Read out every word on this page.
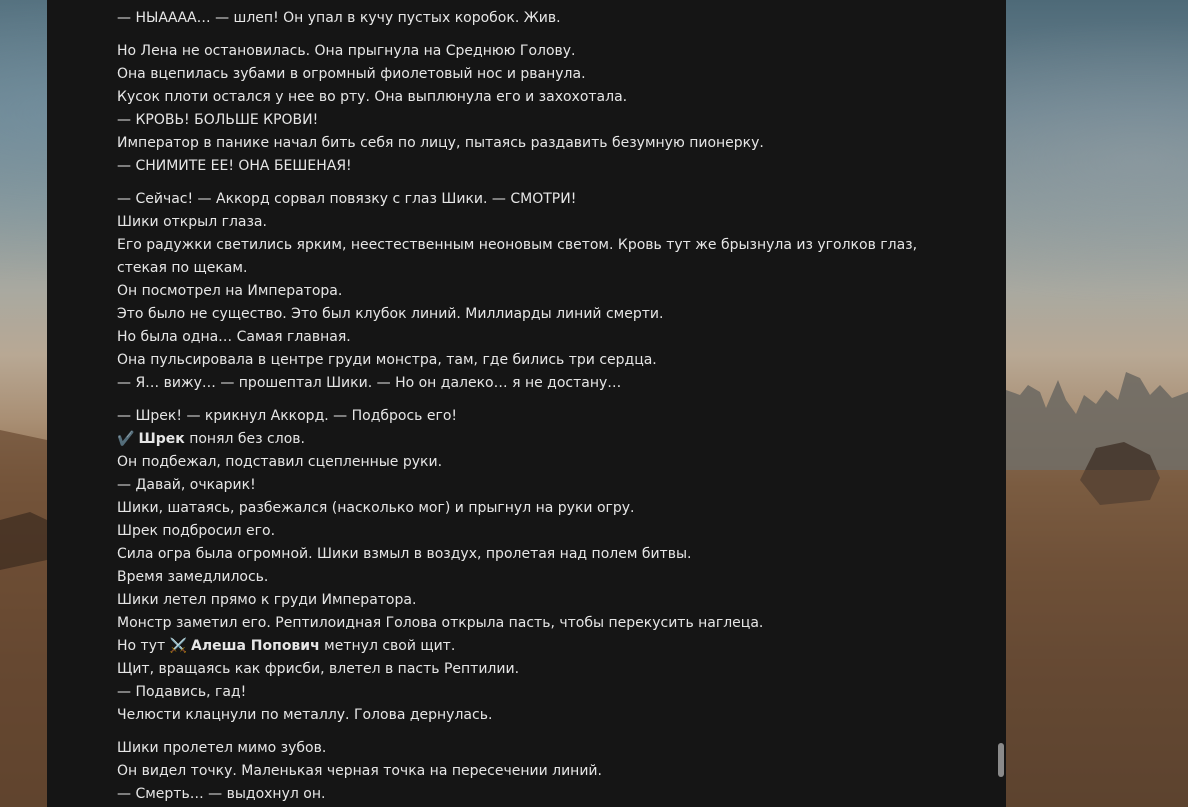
— НЫАААА… — шлеп! Он упал в кучу пустых коробок. Жив.
Но Лена не остановилась. Она прыгнула на Среднюю Голову.
Она вцепилась зубами в огромный фиолетовый нос и рванула.
Кусок плоти остался у нее во рту. Она выплюнула его и захохотала.
— КРОВЬ! БОЛЬШЕ КРОВИ!
Император в панике начал бить себя по лицу, пытаясь раздавить безумную пионерку.
— СНИМИТЕ ЕЕ! ОНА БЕШЕНАЯ!
— Сейчас! — Аккорд сорвал повязку с глаз Шики. — СМОТРИ!
Шики открыл глаза.
Его радужки светились ярким, неестественным неоновым светом. Кровь тут же брызнула из уголков глаз,
стекая по щекам.
Он посмотрел на Императора.
Это было не существо. Это был клубок линий. Миллиарды линий смерти.
Но была одна… Самая главная.
Она пульсировала в центре груди монстра, там, где бились три сердца.
— Я… вижу… — прошептал Шики. — Но он далеко… я не достану…
— Шрек! — крикнул Аккорд. — Подбрось его!
✔️ Шрек понял без слов.
Он подбежал, подставил сцепленные руки.
— Давай, очкарик!
Шики, шатаясь, разбежался (насколько мог) и прыгнул на руки огру.
Шрек подбросил его.
Сила огра была огромной. Шики взмыл в воздух, пролетая над полем битвы.
Время замедлилось.
Шики летел прямо к груди Императора.
Монстр заметил его. Рептилоидная Голова открыла пасть, чтобы перекусить наглеца.
Но тут ⚔️ Алеша Попович метнул свой щит.
Щит, вращаясь как фрисби, влетел в пасть Рептилии.
— Подавись, гад!
Челюсти клацнули по металлу. Голова дернулась.
Шики пролетел мимо зубов.
Он видел точку. Маленькая черная точка на пересечении линий.
— Смерть… — выдохнул он.
